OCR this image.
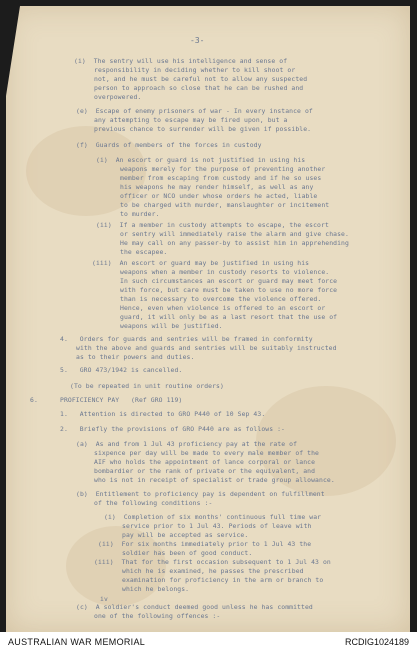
-3-
(i)  The sentry will use his intelligence and sense of
responsibility in deciding whether to kill shoot or
not, and he must be careful not to allow any suspected
person to approach so close that he can be rushed and
overpowered.
(e)  Escape of enemy prisoners of war - In every instance of
any attempting to escape may be fired upon, but a
previous chance to surrender will be given if possible.
(f)  Guards of members of the forces in custody
(i)  An escort or guard is not justified in using his
weapons merely for the purpose of preventing another
member from escaping from custody and if he so uses
his weapons he may render himself, as well as any
officer or NCO under whose orders he acted, liable
to be charged with murder, manslaughter or incitement
to murder.
(ii)  If a member in custody attempts to escape, the escort
or sentry will immediately raise the alarm and give chase.
He may call on any passer-by to assist him in apprehending
the escapee.
(iii)  An escort or guard may be justified in using his
weapons when a member in custody resorts to violence.
In such circumstances an escort or guard may meet force
with force, but care must be taken to use no more force
than is necessary to overcome the violence offered.
Hence, even when violence is offered to an escort or
guard, it will only be as a last resort that the use of
weapons will be justified.
4.   Orders for guards and sentries will be framed in conformity
with the above and guards and sentries will be suitably instructed
as to their powers and duties.
5.   GRO 473/1942 is cancelled.
(To be repeated in unit routine orders)
6.	PROFICIENCY PAY   (Ref GRO 119)
1.   Attention is directed to GRO P440 of 10 Sep 43.
2.   Briefly the provisions of GRO P440 are as follows :-
(a)  As and from 1 Jul 43 proficiency pay at the rate of
sixpence per day will be made to every male member of the
AIF who holds the appointment of lance corporal or lance
bombardier or the rank of private or the equivalent, and
who is not in receipt of specialist or trade group allowance.
(b)  Entitlement to proficiency pay is dependent on fulfillment
of the following conditions :-
(i)  Completion of six months' continuous full time war
service prior to 1 Jul 43. Periods of leave with
pay will be accepted as service.
(ii)  For six months immediately prior to 1 Jul 43 the
soldier has been of good conduct.
(iii)  That for the first occasion subsequent to 1 Jul 43 on
which he is examined, he passes the prescribed
examination for proficiency in the arm or branch to
which he belongs.
iv
(c)  A soldier's conduct deemed good unless he has committed
one of the following offences :-
AUSTRALIAN WAR MEMORIAL	RCDIG1024189
